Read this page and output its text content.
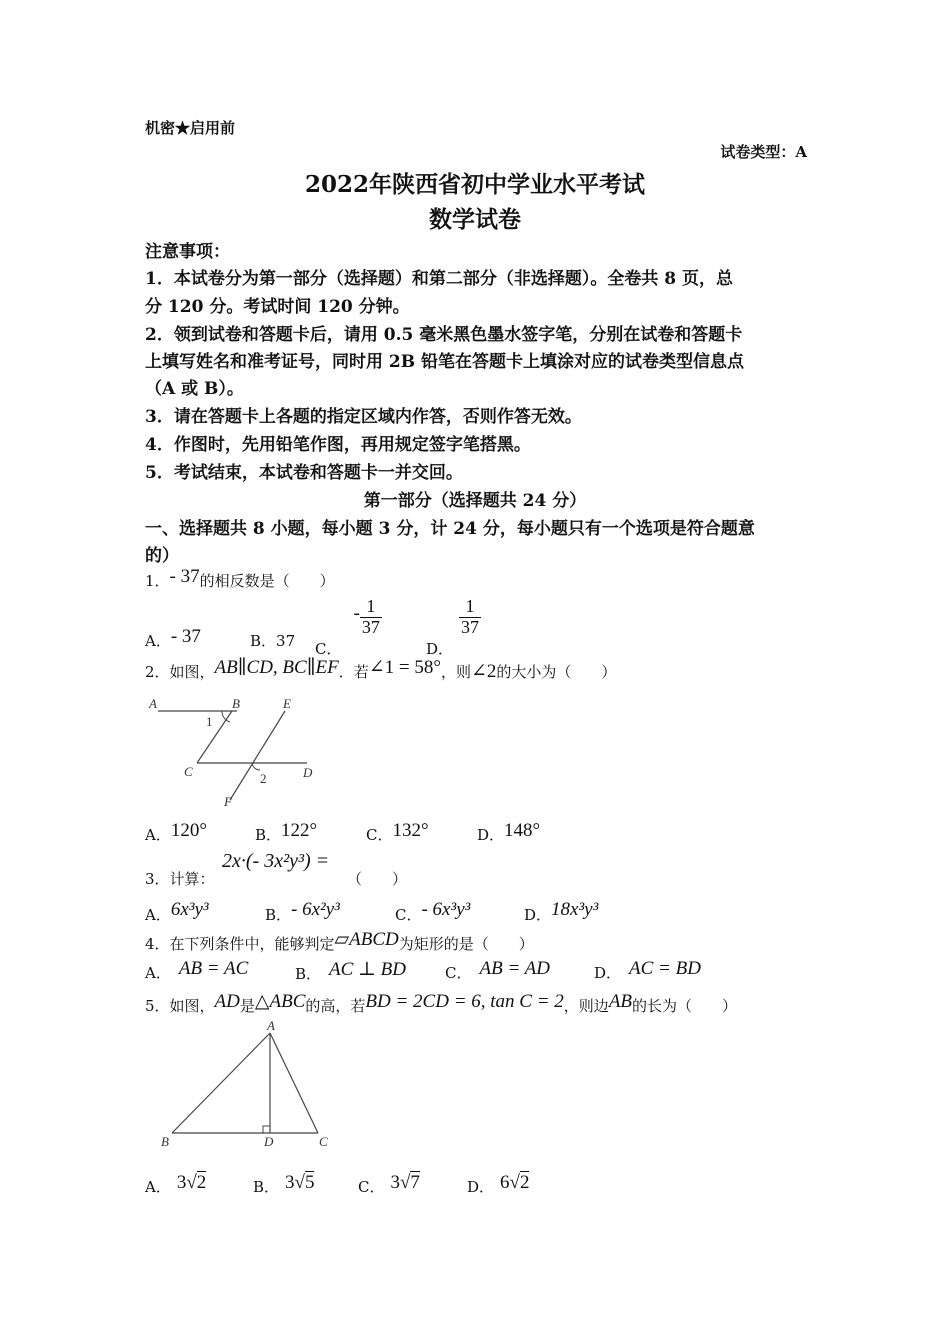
机密★启用前
试卷类型：A
2022年陕西省初中学业水平考试
数学试卷
注意事项：
1．本试卷分为第一部分（选择题）和第二部分（非选择题）。全卷共 8 页，总
分 120 分。考试时间 120 分钟。
2．领到试卷和答题卡后，请用 0.5 毫米黑色墨水签字笔，分别在试卷和答题卡
上填写姓名和准考证号，同时用 2B 铅笔在答题卡上填涂对应的试卷类型信息点
（A 或 B）。
3．请在答题卡上各题的指定区域内作答，否则作答无效。
4．作图时，先用铅笔作图，再用规定签字笔搭黑。
5．考试结束，本试卷和答题卡一并交回。
第一部分（选择题共 24 分）
一、选择题共 8 小题，每小题 3 分，计 24 分，每小题只有一个选项是符合题意
的）
1．- 37的相反数是（　　）
A．- 37	B．37 C．- $\frac{1}{37}$
D．
$\frac{1}{37}$
2．如图，AB∥CD, BC∥EF．若∠1 = 58°，则∠2的大小为（　　）
A	B	E
C	D
F
1
2
A．120°	B．122°	C．132°	D．148°
3．计算：
2x·(- 3x²y³) =
（　　）
A．6x³y³	B．- 6x²y³	C．- 6x³y³	D．18x³y³
4．在下列条件中，能够判定▱ABCD为矩形的是（　　）
A． AB = AC	B． AC ⊥ BD	C． AB = AD	D． AC = BD
5．如图，AD是△ABC的高，若BD = 2CD = 6, tan C = 2，则边AB的长为（　　）
A
B	D	C
A． 3√2	B． 3√5	C． 3√7	D． 6√2
